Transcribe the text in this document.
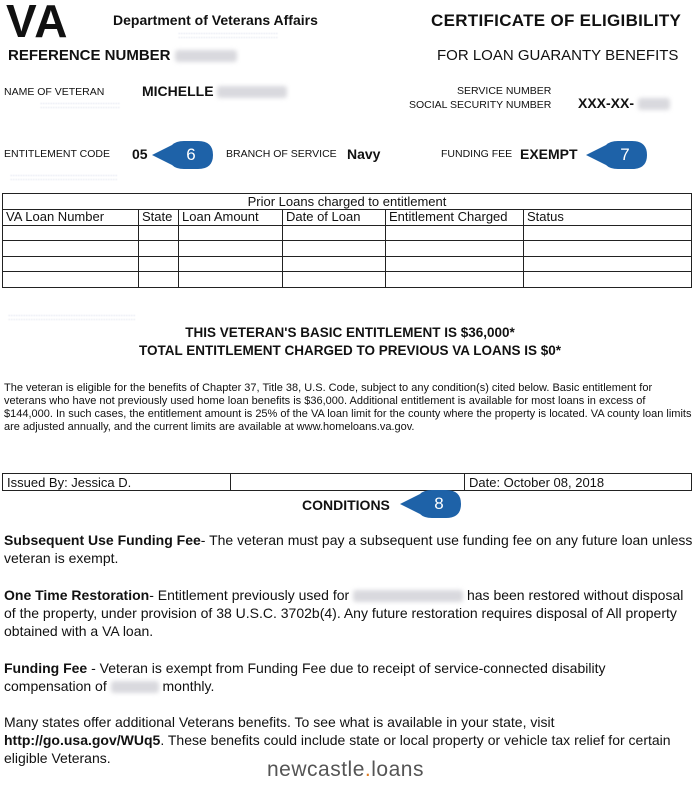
VA	Department of Veterans Affairs	CERTIFICATE OF ELIGIBILITY
::::::::::::::::::::::::::::::::::::::::
REFERENCE NUMBER	FOR LOAN GUARANTY BENEFITS
NAME OF VETERAN	MICHELLE
::::::::::::::::::::::::::::::::
SERVICE NUMBER
SOCIAL SECURITY NUMBER XXX-XX-
ENTITLEMENT CODE 05	BRANCH OF SERVICE Navy	FUNDING FEE EXEMPT
:::::::::::::::::::::::::::::::::::::::::::
6	7
Prior Loans charged to entitlement					
VA Loan Number	State	Loan Amount	Date of Loan	Entitlement Charged	Status

:::::::::::::::::::::::::::::::::::::::::::::::::::
THIS VETERAN'S BASIC ENTITLEMENT IS $36,000*
TOTAL ENTITLEMENT CHARGED TO PREVIOUS VA LOANS IS $0*
The veteran is eligible for the benefits of Chapter 37, Title 38, U.S. Code, subject to any condition(s) cited below. Basic entitlement for veterans who have not previously used home loan benefits is $36,000. Additional entitlement is available for most loans in excess of $144,000. In such cases, the entitlement amount is 25% of the VA loan limit for the county where the property is located. VA county loan limits are adjusted annually, and the current limits are available at www.homeloans.va.gov.
Issued By: Jessica D.		Date: October 08, 2018
CONDITIONS	8
Subsequent Use Funding Fee- The veteran must pay a subsequent use funding fee on any future loan unless veteran is exempt.
One Time Restoration- Entitlement previously used for	has been restored without disposal of the property, under provision of 38 U.S.C. 3702b(4). Any future restoration requires disposal of All property obtained with a VA loan.
Funding Fee - Veteran is exempt from Funding Fee due to receipt of service-connected disability compensation of	monthly.
Many states offer additional Veterans benefits. To see what is available in your state, visit http://go.usa.gov/WUq5. These benefits could include state or local property or vehicle tax relief for certain eligible Veterans.	newcastle.loans
